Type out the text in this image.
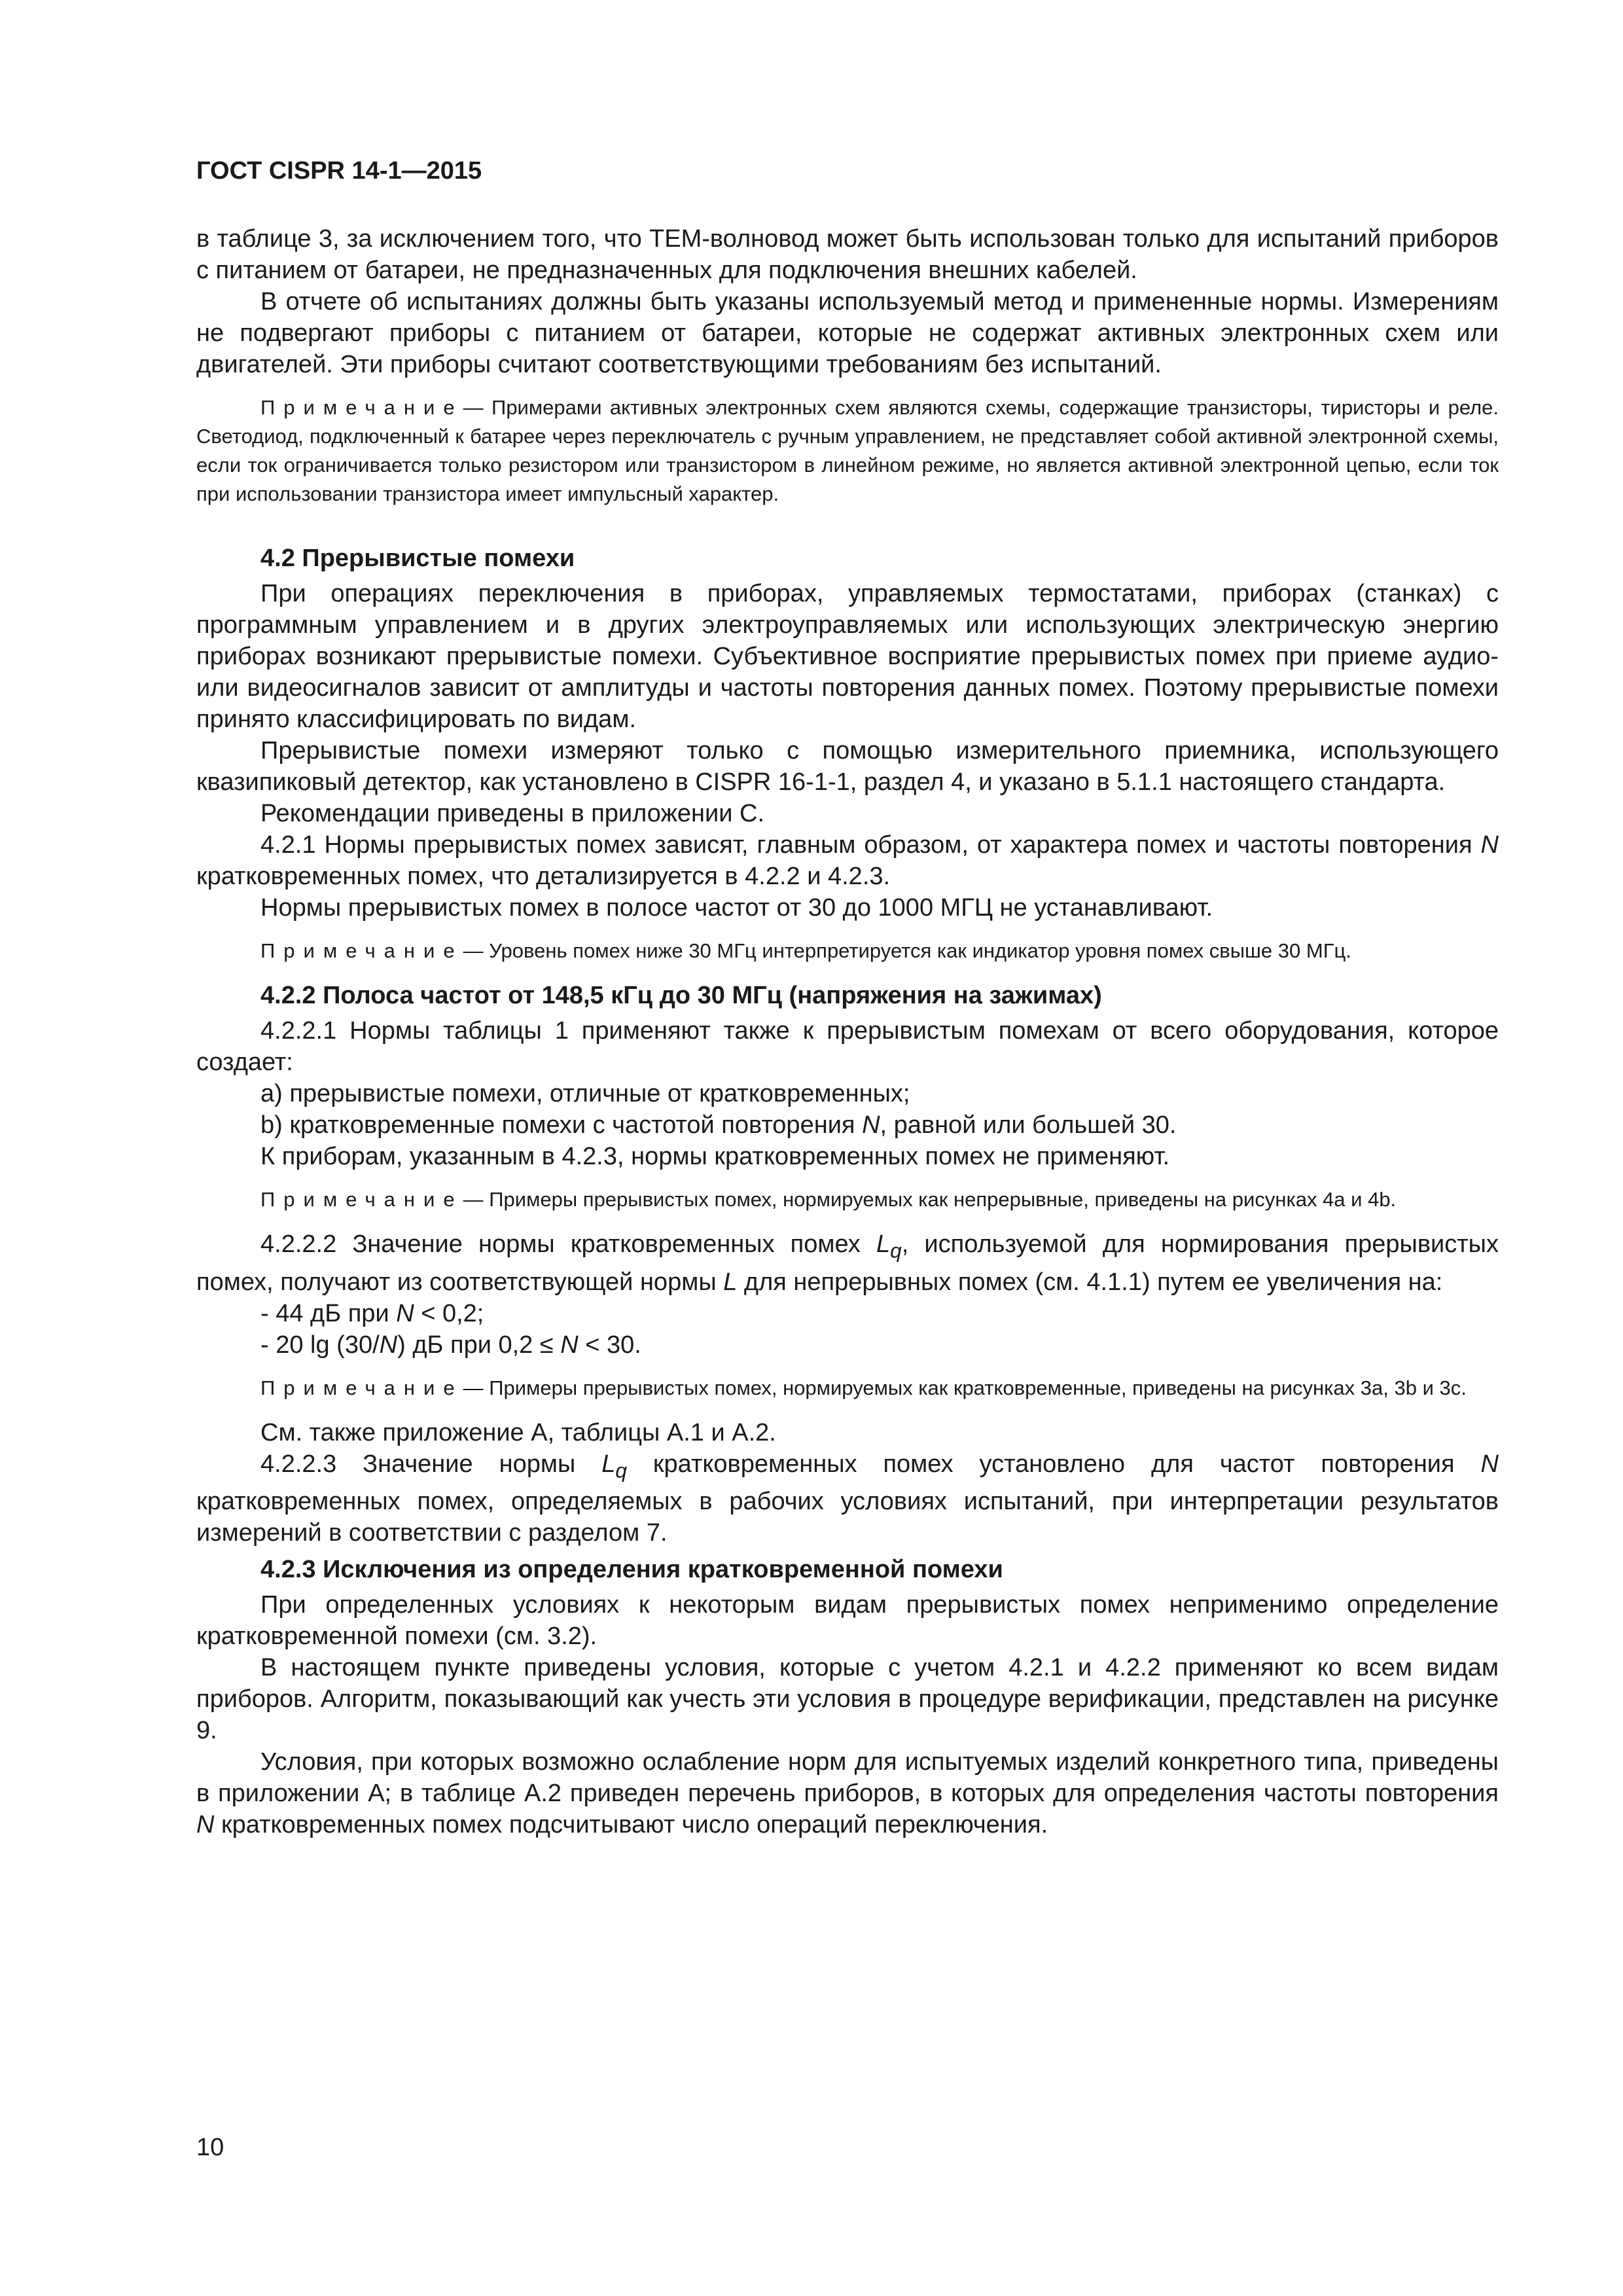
ГОСТ CISPR 14-1—2015

в таблице 3, за исключением того, что ТЕМ-волновод может быть использован только для испытаний приборов с питанием от батареи, не предназначенных для подключения внешних кабелей.

В отчете об испытаниях должны быть указаны используемый метод и примененные нормы. Измерениям не подвергают приборы с питанием от батареи, которые не содержат активных электронных схем или двигателей. Эти приборы считают соответствующими требованиям без испытаний.

Примечание— Примерами активных электронных схем являются схемы, содержащие транзисторы, тиристоры и реле. Светодиод, подключенный к батарее через переключатель с ручным управлением, не представляет собой активной электронной схемы, если ток ограничивается только резистором или транзистором в линейном режиме, но является активной электронной цепью, если ток при использовании транзистора имеет импульсный характер.

4.2 Прерывистые помехи

При операциях переключения в приборах, управляемых термостатами, приборах (станках) с программным управлением и в других электроуправляемых или использующих электрическую энергию приборах возникают прерывистые помехи. Субъективное восприятие прерывистых помех при приеме аудио- или видеосигналов зависит от амплитуды и частоты повторения данных помех. Поэтому прерывистые помехи принято классифицировать по видам.

Прерывистые помехи измеряют только с помощью измерительного приемника, использующего квазипиковый детектор, как установлено в CISPR 16-1-1, раздел 4, и указано в 5.1.1 настоящего стандарта.

Рекомендации приведены в приложении С.

4.2.1 Нормы прерывистых помех зависят, главным образом, от характера помех и частоты повторения N кратковременных помех, что детализируется в 4.2.2 и 4.2.3.

Нормы прерывистых помех в полосе частот от 30 до 1000 МГЦ не устанавливают.

Примечание— Уровень помех ниже 30 МГц интерпретируется как индикатор уровня помех свыше 30 МГц.

4.2.2 Полоса частот от 148,5 кГц до 30 МГц (напряжения на зажимах)

4.2.2.1 Нормы таблицы 1 применяют также к прерывистым помехам от всего оборудования, которое создает:

a) прерывистые помехи, отличные от кратковременных;

b) кратковременные помехи с частотой повторения N, равной или большей 30.

К приборам, указанным в 4.2.3, нормы кратковременных помех не применяют.

Примечание— Примеры прерывистых помех, нормируемых как непрерывные, приведены на рисунках 4а и 4b.

4.2.2.2 Значение нормы кратковременных помех $L_q$, используемой для нормирования прерывистых помех, получают из соответствующей нормы L для непрерывных помех (см. 4.1.1) путем ее увеличения на:

- 44 дБ при N < 0,2;

- 20 lg (30/N) дБ при 0,2 ≤ N < 30.

Примечание— Примеры прерывистых помех, нормируемых как кратковременные, приведены на рисунках 3a, 3b и 3c.

См. также приложение А, таблицы А.1 и А.2.

4.2.2.3 Значение нормы $L_q$ кратковременных помех установлено для частот повторения N кратковременных помех, определяемых в рабочих условиях испытаний, при интерпретации результатов измерений в соответствии с разделом 7.

4.2.3 Исключения из определения кратковременной помехи

При определенных условиях к некоторым видам прерывистых помех неприменимо определение кратковременной помехи (см. 3.2).

В настоящем пункте приведены условия, которые с учетом 4.2.1 и 4.2.2 применяют ко всем видам приборов. Алгоритм, показывающий как учесть эти условия в процедуре верификации, представлен на рисунке 9.

Условия, при которых возможно ослабление норм для испытуемых изделий конкретного типа, приведены в приложении А; в таблице А.2 приведен перечень приборов, в которых для определения частоты повторения N кратковременных помех подсчитывают число операций переключения.

10
